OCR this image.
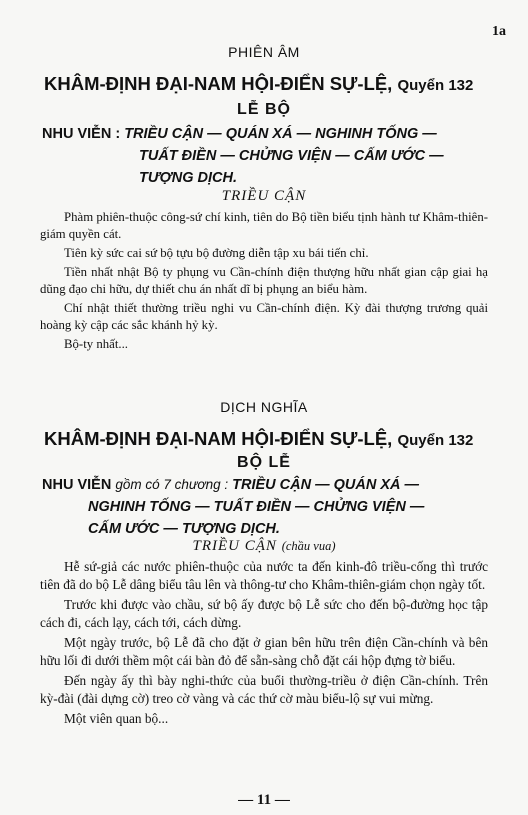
1a
PHIÊN ÂM
KHÂM-ĐỊNH ĐẠI-NAM HỘI-ĐIỂN SỰ-LỆ, Quyển 132
LỄ BỘ
NHU VIỄN : TRIỀU CẬN — QUÁN XÁ — NGHINH TỐNG —
TUẤT ĐIỀN — CHỬNG VIỆN — CẤM ƯỚC —
TƯỢNG DỊCH.
TRIỀU CẬN

Phàm phiên-thuộc công-sứ chí kinh, tiên do Bộ tiền biểu tịnh hành tư Khâm-thiên-giám quyền cát.

Tiên kỳ sức cai sứ bộ tựu bộ đường diễn tập xu bái tiến chỉ.

Tiền nhất nhật Bộ ty phụng vu Cần-chính điện thượng hữu nhất gian cập giai hạ dũng đạo chi hữu, dự thiết chu án nhất dĩ bị phụng an biểu hàm.

Chí nhật thiết thường triều nghi vu Cần-chính điện. Kỳ đài thượng trương quải hoàng kỳ cập các sắc khánh hỷ kỳ.

Bộ-ty nhất...

DỊCH NGHĨA
KHÂM-ĐỊNH ĐẠI-NAM HỘI-ĐIỂN SỰ-LỆ, Quyển 132
BỘ LỄ
NHU VIỄN gồm có 7 chương : TRIỀU CẬN — QUÁN XÁ —
NGHINH TỐNG — TUẤT ĐIỀN — CHỬNG VIỆN —
CẤM ƯỚC — TƯỢNG DỊCH.
TRIỀU CẬN (chầu vua)

Hễ sứ-giả các nước phiên-thuộc của nước ta đến kinh-đô triều-cống thì trước tiên đã do bộ Lễ dâng biểu tâu lên và thông-tư cho Khâm-thiên-giám chọn ngày tốt.

Trước khi được vào chầu, sứ bộ ấy được bộ Lễ sức cho đến bộ-đường học tập cách đi, cách lạy, cách tới, cách dừng.

Một ngày trước, bộ Lễ đã cho đặt ở gian bên hữu trên điện Cần-chính và bên hữu lối đi dưới thềm một cái bàn đỏ để sẵn-sàng chỗ đặt cái hộp đựng tờ biểu.

Đến ngày ấy thì bày nghi-thức của buổi thường-triều ở điện Cần-chính. Trên kỳ-đài (đài dựng cờ) treo cờ vàng và các thứ cờ màu biểu-lộ sự vui mừng.

Một viên quan bộ...

— 11 —
